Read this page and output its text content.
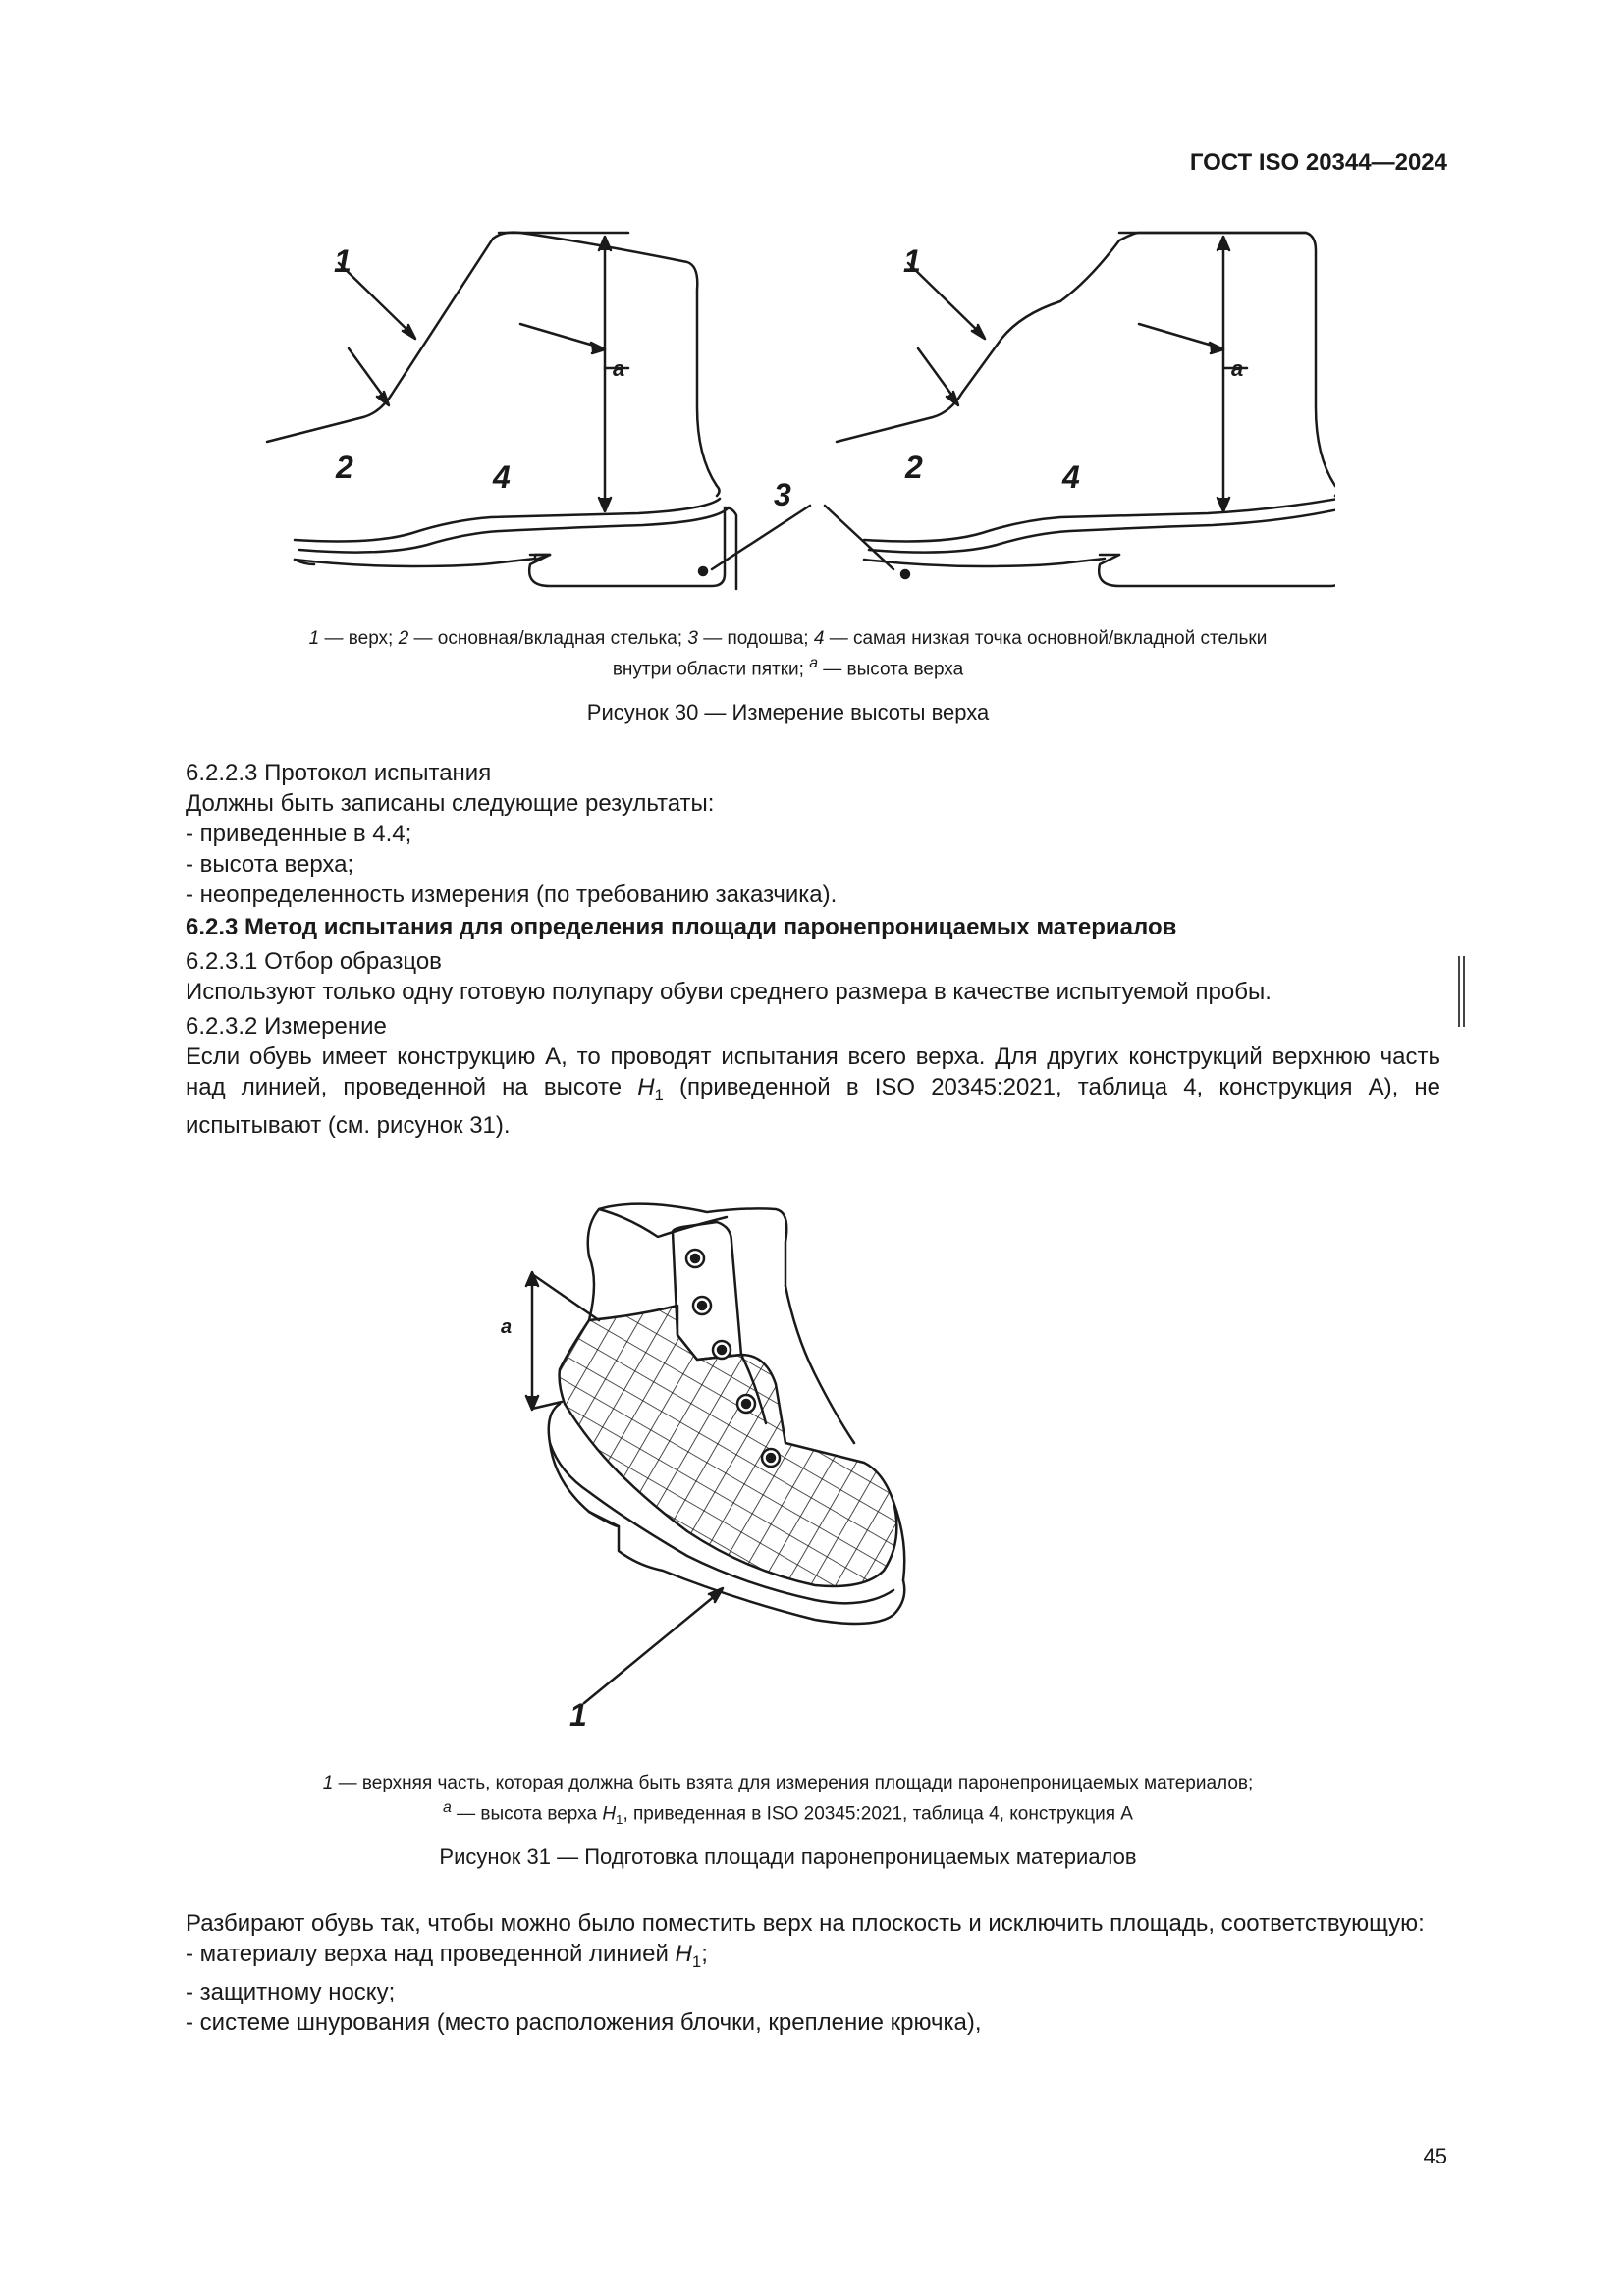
ГОСТ ISO 20344—2024
1
2	4
a
3
1
2	4
a
1 — верх; 2 — основная/вкладная стелька; 3 — подошва; 4 — самая низкая точка основной/вкладной стельки
внутри области пятки; $^a$ — высота верха
Рисунок 30 — Измерение высоты верха

6.2.2.3 Протокол испытания

Должны быть записаны следующие результаты:

- приведенные в 4.4;

- высота верха;

- неопределенность измерения (по требованию заказчика).

6.2.3 Метод испытания для определения площади паронепроницаемых материалов

6.2.3.1 Отбор образцов

Используют только одну готовую полупару обуви среднего размера в качестве испытуемой пробы.

6.2.3.2 Измерение

Если обувь имеет конструкцию А, то проводят испытания всего верха. Для других конструкций верхнюю часть над линией, проведенной на высоте $H_1$ (приведенной в ISO 20345:2021, таблица 4, конструкция А), не испытывают (см. рисунок 31).

a
1
1 — верхняя часть, которая должна быть взята для измерения площади паронепроницаемых материалов;
$^a$ — высота верха $H_1$, приведенная в ISO 20345:2021, таблица 4, конструкция А
Рисунок 31 — Подготовка площади паронепроницаемых материалов

Разбирают обувь так, чтобы можно было поместить верх на плоскость и исключить площадь, соответствующую:

- материалу верха над проведенной линией $H_1$;

- защитному носку;

- системе шнурования (место расположения блочки, крепление крючка),

45
